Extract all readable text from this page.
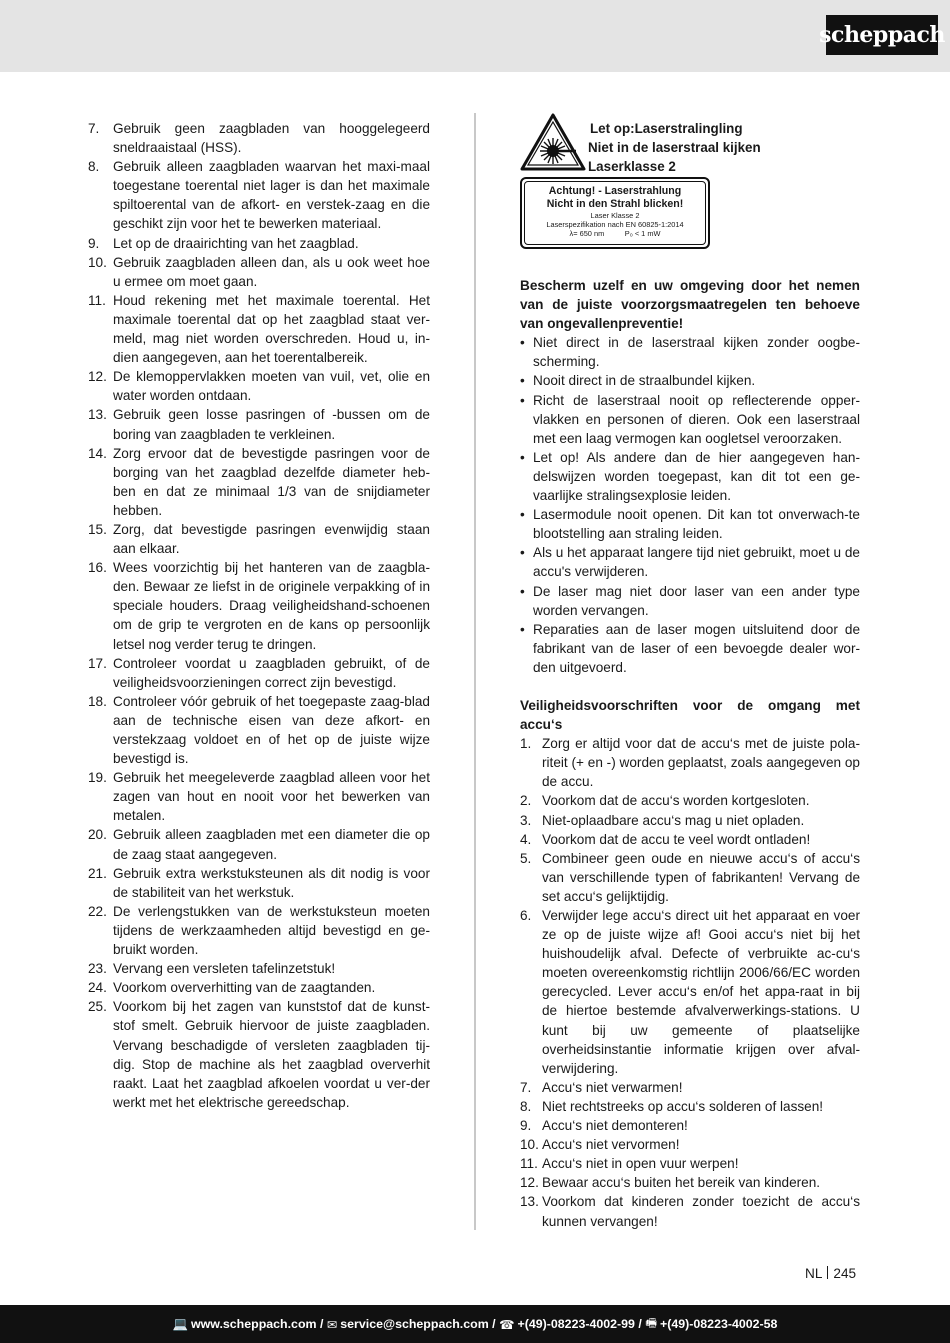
scheppach
7.	Gebruik geen zaagbladen van hooggelegeerd sneldraaistaal (HSS).
8.	Gebruik alleen zaagbladen waarvan het maxi-maal toegestane toerental niet lager is dan het maximale spiltoerental van de afkort- en verstek-zaag en die geschikt zijn voor het te bewerken materiaal.
9.	Let op de draairichting van het zaagblad.
10. Gebruik zaagbladen alleen dan, als u ook weet hoe u ermee om moet gaan.
11. Houd rekening met het maximale toerental. Het maximale toerental dat op het zaagblad staat ver-meld, mag niet worden overschreden. Houd u, in-dien aangegeven, aan het toerentalbereik.
12. De klemoppervlakken moeten van vuil, vet, olie en water worden ontdaan.
13. Gebruik geen losse pasringen of -bussen om de boring van zaagbladen te verkleinen.
14. Zorg ervoor dat de bevestigde pasringen voor de borging van het zaagblad dezelfde diameter heb-ben en dat ze minimaal 1/3 van de snijdiameter hebben.
15. Zorg, dat bevestigde pasringen evenwijdig staan aan elkaar.
16. Wees voorzichtig bij het hanteren van de zaagbla-den. Bewaar ze liefst in de originele verpakking of in speciale houders. Draag veiligheidshand-schoenen om de grip te vergroten en de kans op persoonlijk letsel nog verder terug te dringen.
17. Controleer voordat u zaagbladen gebruikt, of de veiligheidsvoorzieningen correct zijn bevestigd.
18. Controleer vóór gebruik of het toegepaste zaag-blad aan de technische eisen van deze afkort- en verstekzaag voldoet en of het op de juiste wijze bevestigd is.
19. Gebruik het meegeleverde zaagblad alleen voor het zagen van hout en nooit voor het bewerken van metalen.
20. Gebruik alleen zaagbladen met een diameter die op de zaag staat aangegeven.
21. Gebruik extra werkstuksteunen als dit nodig is voor de stabiliteit van het werkstuk.
22. De verlengstukken van de werkstuksteun moeten tijdens de werkzaamheden altijd bevestigd en ge-bruikt worden.
23. Vervang een versleten tafelinzetstuk!
24. Voorkom oververhitting van de zaagtanden.
25. Voorkom bij het zagen van kunststof dat de kunst-stof smelt. Gebruik hiervoor de juiste zaagbladen. Vervang beschadigde of versleten zaagbladen tij-dig. Stop de machine als het zaagblad oververhit raakt. Laat het zaagblad afkoelen voordat u ver-der werkt met het elektrische gereedschap.
Let op:Laserstralingling
Niet in de laserstraal kijken
Laserklasse 2
Achtung! - Laserstrahlung
Nicht in den Strahl blicken!
Laser Klasse 2
Laserspezifikation nach EN 60825-1:2014
λ= 650 nm          P₀ < 1 mW
Bescherm uzelf en uw omgeving door het nemen van de juiste voorzorgsmaatregelen ten behoeve van ongevallenpreventie!
• Niet direct in de laserstraal kijken zonder oogbe-scherming.
• Nooit direct in de straalbundel kijken.
• Richt de laserstraal nooit op reflecterende opper-vlakken en personen of dieren. Ook een laserstraal met een laag vermogen kan oogletsel veroorzaken.
• Let op! Als andere dan de hier aangegeven han-delswijzen worden toegepast, kan dit tot een ge-vaarlijke stralingsexplosie leiden.
• Lasermodule nooit openen. Dit kan tot onverwach-te blootstelling aan straling leiden.
• Als u het apparaat langere tijd niet gebruikt, moet u de accu's verwijderen.
• De laser mag niet door laser van een ander type worden vervangen.
• Reparaties aan de laser mogen uitsluitend door de fabrikant van de laser of een bevoegde dealer wor-den uitgevoerd.
Veiligheidsvoorschriften voor de omgang met accu‘s
1. Zorg er altijd voor dat de accu‘s met de juiste pola-riteit (+ en -) worden geplaatst, zoals aangegeven op de accu.
2. Voorkom dat de accu‘s worden kortgesloten.
3. Niet-oplaadbare accu‘s mag u niet opladen.
4. Voorkom dat de accu te veel wordt ontladen!
5. Combineer geen oude en nieuwe accu‘s of accu‘s van verschillende typen of fabrikanten! Vervang de set accu‘s gelijktijdig.
6. Verwijder lege accu‘s direct uit het apparaat en voer ze op de juiste wijze af! Gooi accu‘s niet bij het huishoudelijk afval. Defecte of verbruikte ac-cu‘s moeten overeenkomstig richtlijn 2006/66/EC worden gerecycled. Lever accu‘s en/of het appa-raat in bij de hiertoe bestemde afvalverwerkings-stations. U kunt bij uw gemeente of plaatselijke overheidsinstantie informatie krijgen over afval-verwijdering.
7. Accu‘s niet verwarmen!
8. Niet rechtstreeks op accu‘s solderen of lassen!
9. Accu‘s niet demonteren!
10. Accu‘s niet vervormen!
11. Accu‘s niet in open vuur werpen!
12. Bewaar accu‘s buiten het bereik van kinderen.
13. Voorkom dat kinderen zonder toezicht de accu‘s kunnen vervangen!
NL 245
💻 www.scheppach.com /
✉ service@scheppach.com /
☎ +(49)-08223-4002-99 /
🖷 +(49)-08223-4002-58
